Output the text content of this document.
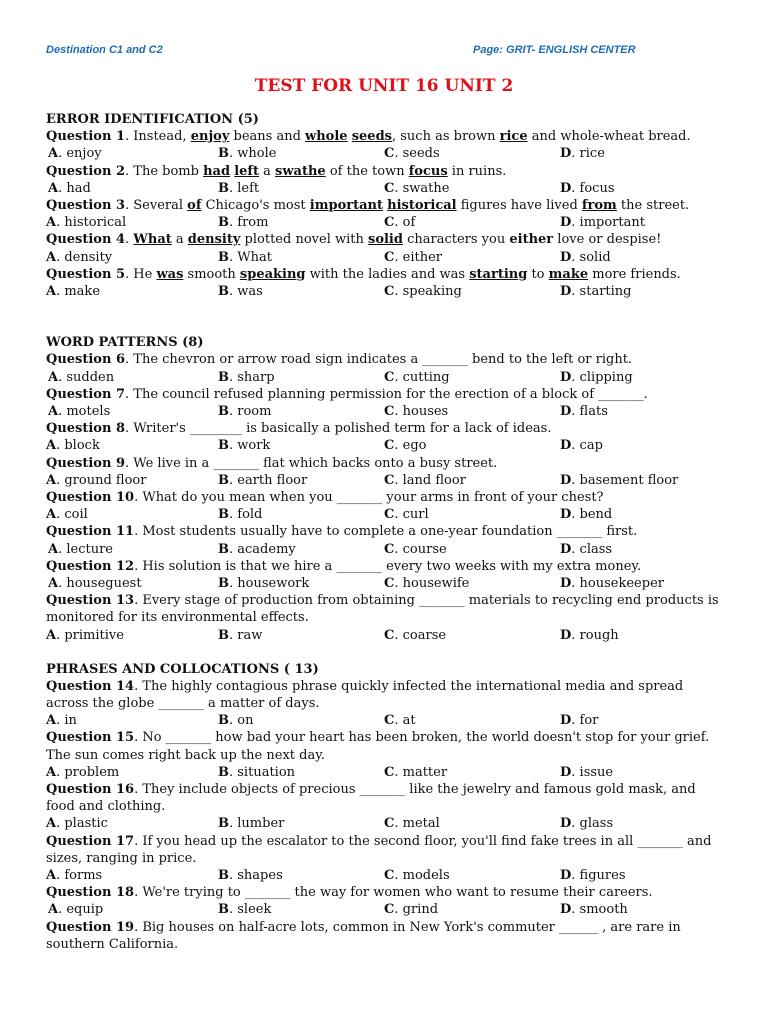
Destination C1 and C2	Page: GRIT- ENGLISH CENTER
TEST FOR UNIT 16 UNIT 2
ERROR IDENTIFICATION (5)
Question 1. Instead, enjoy beans and whole seeds, such as brown rice and whole-wheat bread.
A. enjoy	B. whole	C. seeds	D. rice
Question 2. The bomb had left a swathe of the town focus in ruins.
A. had	B. left	C. swathe	D. focus
Question 3. Several of Chicago's most important historical figures have lived from the street.
A. historical	B. from	C. of	D. important
Question 4. What a density plotted novel with solid characters you either love or despise!
A. density	B. What	C. either	D. solid
Question 5. He was smooth speaking with the ladies and was starting to make more friends.
A. make	B. was	C. speaking	D. starting
WORD PATTERNS (8)
Question 6. The chevron or arrow road sign indicates a _______ bend to the left or right.
A. sudden	B. sharp	C. cutting	D. clipping
Question 7. The council refused planning permission for the erection of a block of _______.
A. motels	B. room	C. houses	D. flats
Question 8. Writer's ________ is basically a polished term for a lack of ideas.
A. block	B. work	C. ego	D. cap
Question 9. We live in a _______ flat which backs onto a busy street.
A. ground floor	B. earth floor	C. land floor	D. basement floor
Question 10. What do you mean when you _______ your arms in front of your chest?
A. coil	B. fold	C. curl	D. bend
Question 11. Most students usually have to complete a one-year foundation _______ first.
A. lecture	B. academy	C. course	D. class
Question 12. His solution is that we hire a _______ every two weeks with my extra money.
A. houseguest	B. housework	C. housewife	D. housekeeper
Question 13. Every stage of production from obtaining _______ materials to recycling end products is monitored for its environmental effects.
A. primitive	B. raw	C. coarse	D. rough
PHRASES AND COLLOCATIONS ( 13)
Question 14. The highly contagious phrase quickly infected the international media and spread across the globe _______ a matter of days.
A. in	B. on	C. at	D. for
Question 15. No _______ how bad your heart has been broken, the world doesn't stop for your grief. The sun comes right back up the next day.
A. problem	B. situation	C. matter	D. issue
Question 16. They include objects of precious _______ like the jewelry and famous gold mask, and food and clothing.
A. plastic	B. lumber	C. metal	D. glass
Question 17. If you head up the escalator to the second floor, you'll find fake trees in all _______ and sizes, ranging in price.
A. forms	B. shapes	C. models	D. figures
Question 18. We're trying to _______ the way for women who want to resume their careers.
A. equip	B. sleek	C. grind	D. smooth
Question 19. Big houses on half-acre lots, common in New York's commuter ______ , are rare in southern California.
